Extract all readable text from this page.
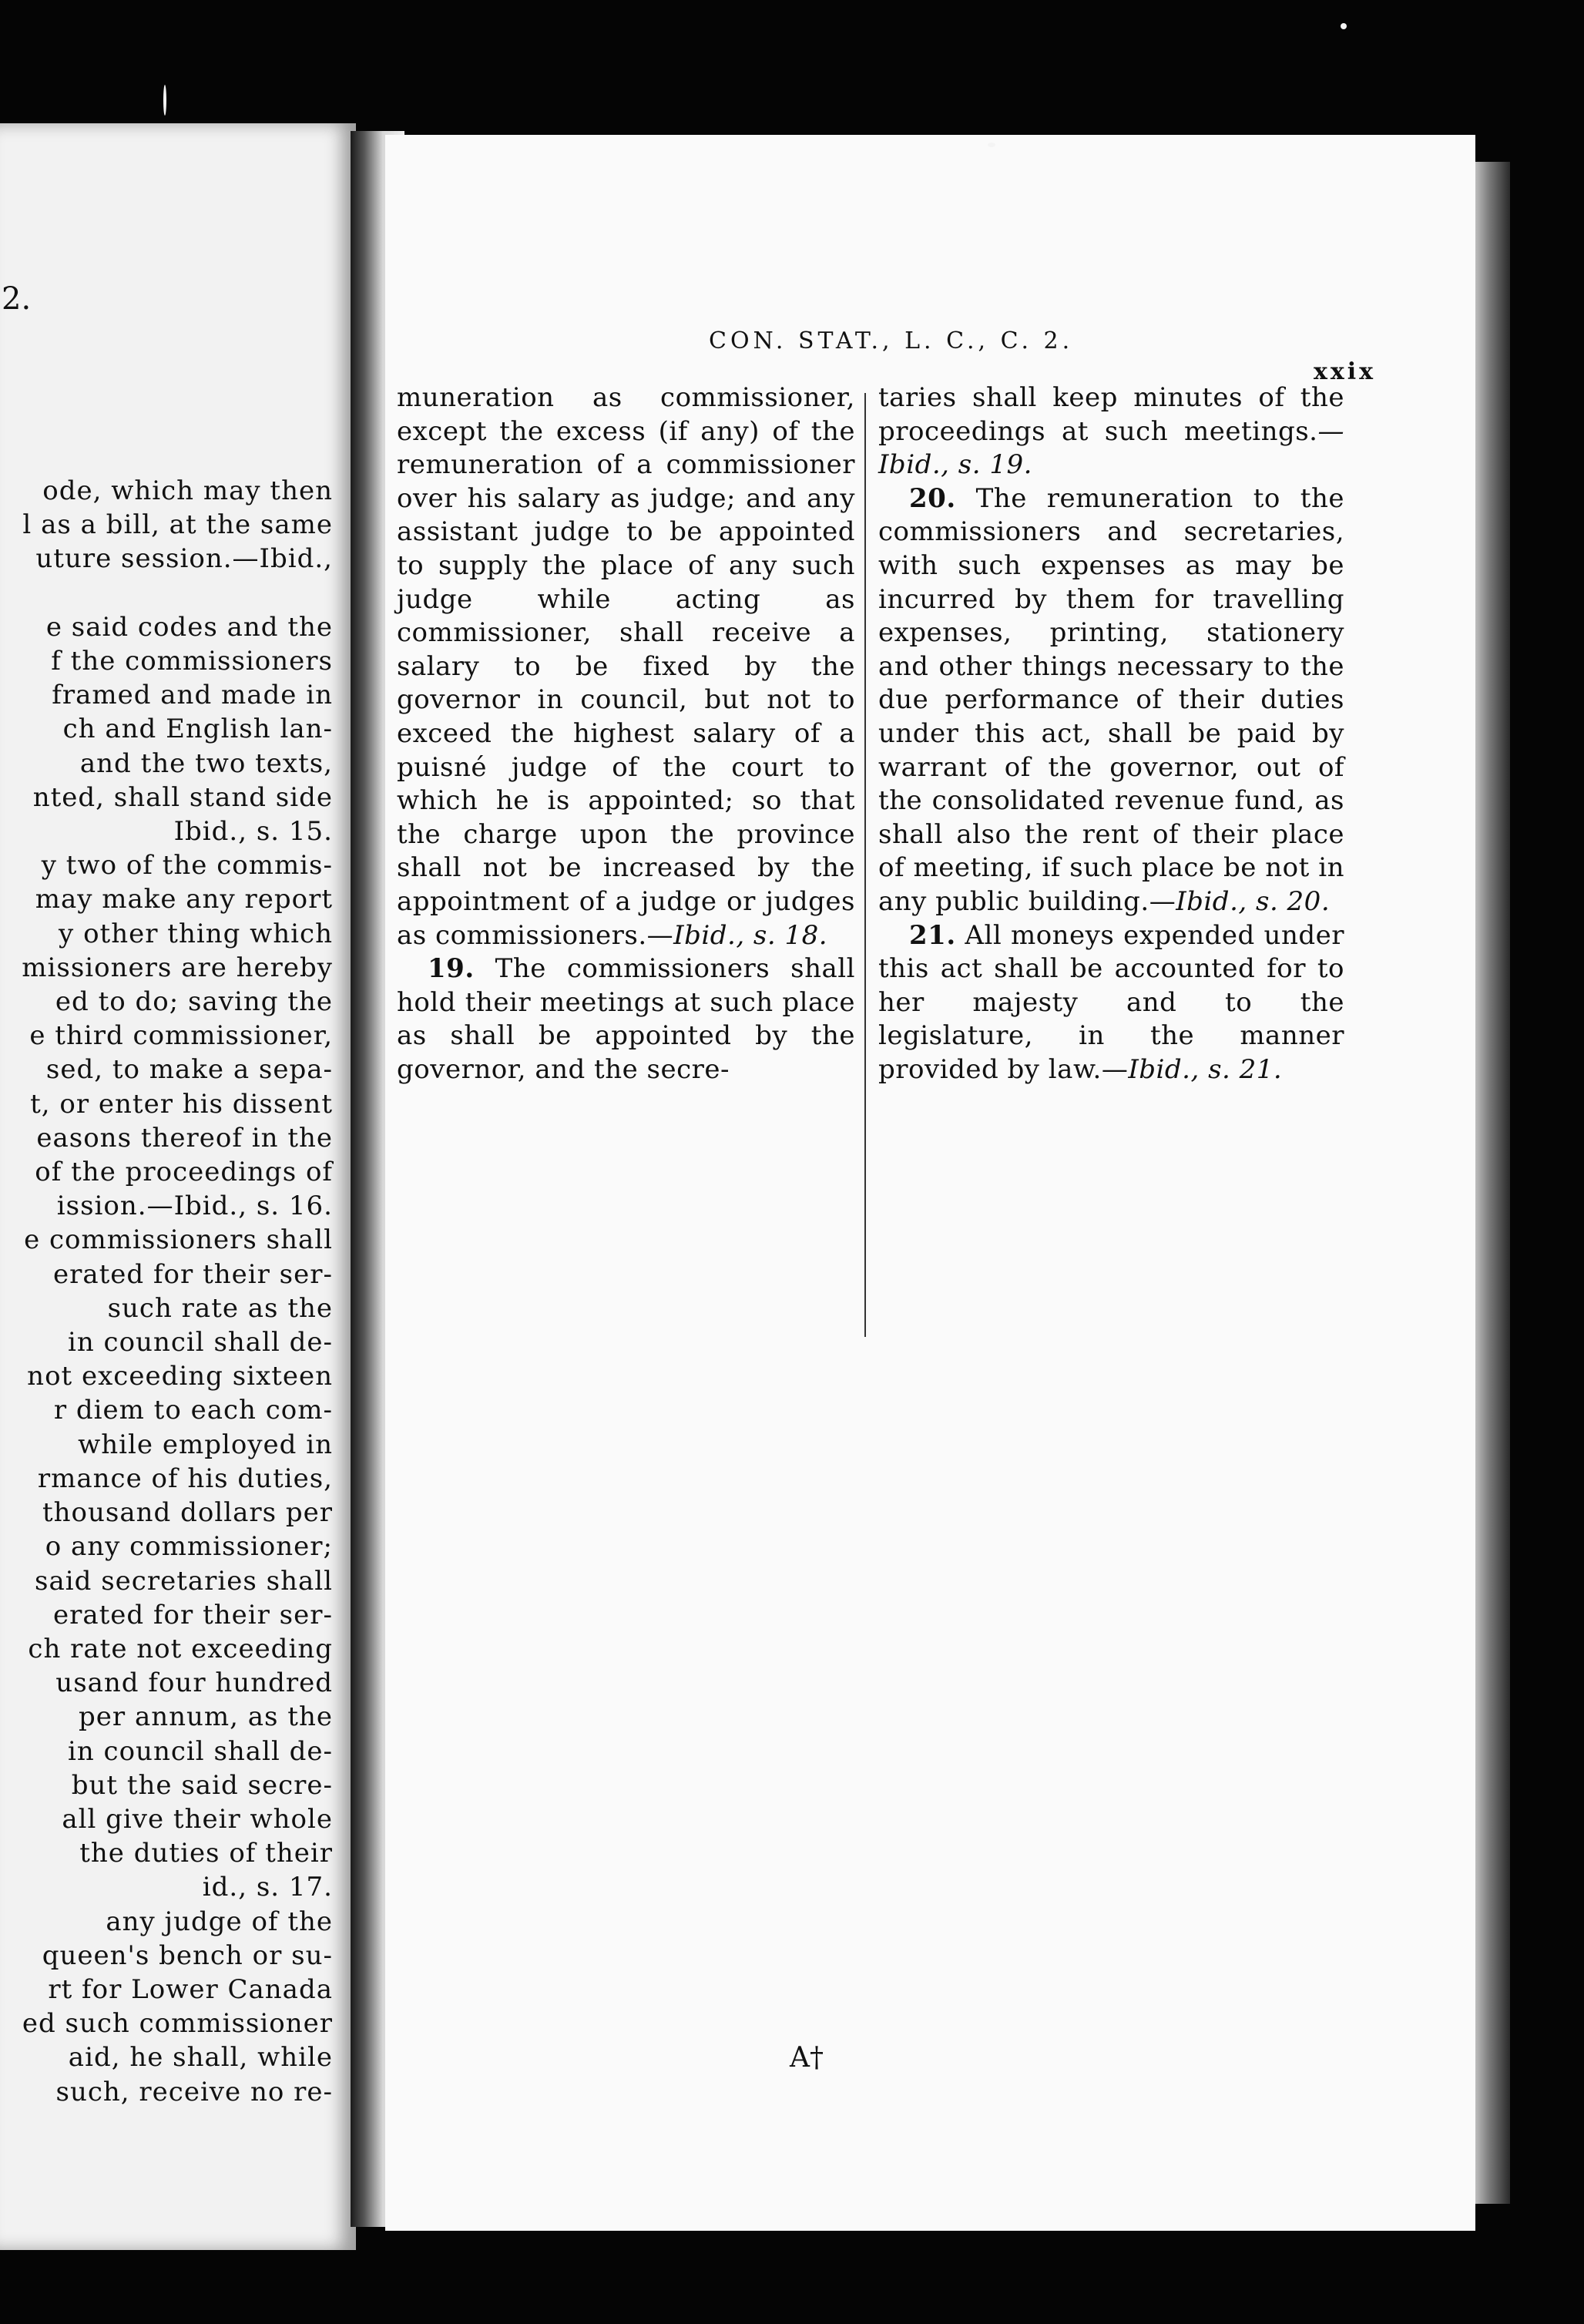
2.
ode, which may then
l as a bill, at the same
uture session.—Ibid.,

e said codes and the
f the commissioners
framed and made in
ch and English lan-
and the two texts,
nted, shall stand side
Ibid., s. 15.
y two of the commis-
may make any report
y other thing which
missioners are hereby
ed to do; saving the
e third commissioner,
sed, to make a sepa-
t, or enter his dissent
easons thereof in the
of the proceedings of
ission.—Ibid., s. 16.
e commissioners shall
erated for their ser-
such rate as the
in council shall de-
not exceeding sixteen
r diem to each com-
while employed in
rmance of his duties,
thousand dollars per
o any commissioner;
said secretaries shall
erated for their ser-
ch rate not exceeding
usand four hundred
per annum, as the
in council shall de-
but the said secre-
all give their whole
the duties of their
id., s. 17.
any judge of the
queen's bench or su-
rt for Lower Canada
ed such commissioner
aid, he shall, while
such, receive no re-
CON. STAT., L. C., C. 2.
xxix

muneration as commissioner, except the excess (if any) of the remuneration of a commissioner over his salary as judge; and any assistant judge to be appointed to supply the place of any such judge while acting as commissioner, shall receive a salary to be fixed by the governor in council, but not to exceed the highest salary of a puisné judge of the court to which he is appointed; so that the charge upon the province shall not be increased by the appointment of a judge or judges as commissioners.—Ibid., s. 18.

19. The commissioners shall hold their meetings at such place as shall be appointed by the governor, and the secre-

taries shall keep minutes of the proceedings at such meetings.—Ibid., s. 19.

20. The remuneration to the commissioners and secretaries, with such expenses as may be incurred by them for travelling expenses, printing, stationery and other things necessary to the due performance of their duties under this act, shall be paid by warrant of the governor, out of the consolidated revenue fund, as shall also the rent of their place of meeting, if such place be not in any public building.—Ibid., s. 20.

21. All moneys expended under this act shall be accounted for to her majesty and to the legislature, in the manner provided by law.—Ibid., s. 21.

A†
